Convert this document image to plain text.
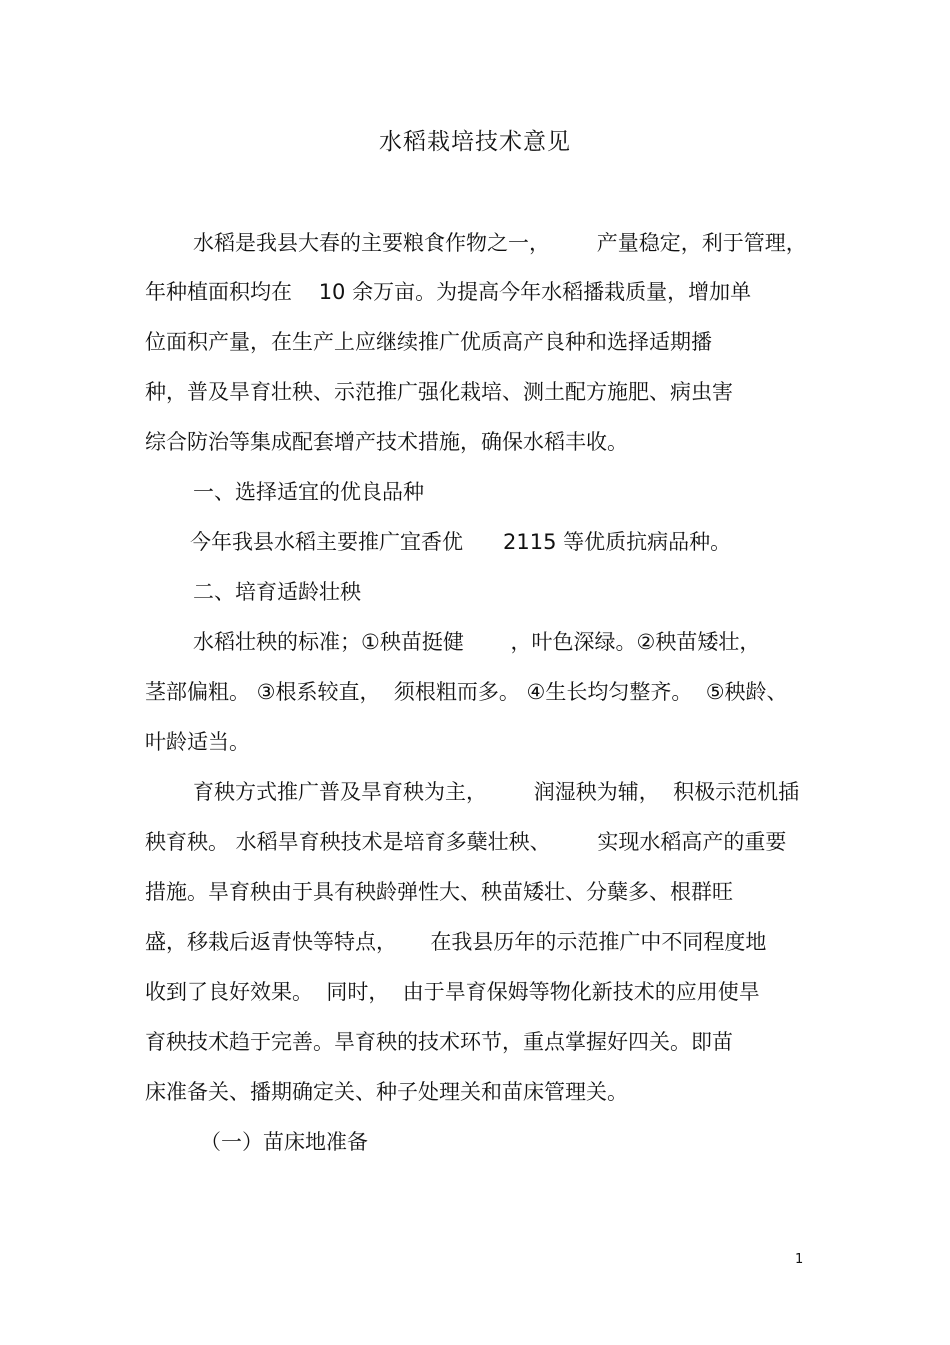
水稻栽培技术意见
水稻是我县大春的主要粮食作物之一，       产量稳定，利于管理，
年种植面积均在    10 余万亩。为提高今年水稻播栽质量，增加单
位面积产量，在生产上应继续推广优质高产良种和选择适期播
种，普及旱育壮秧、示范推广强化栽培、测土配方施肥、病虫害
综合防治等集成配套增产技术措施，确保水稻丰收。
一、选择适宜的优良品种
今年我县水稻主要推广宜香优      2115 等优质抗病品种。
二、培育适龄壮秧
水稻壮秧的标准；①秧苗挺健       ，叶色深绿。②秧苗矮壮，
茎部偏粗。 ③根系较直，  须根粗而多。 ④生长均匀整齐。  ⑤秧龄、
叶龄适当。
育秧方式推广普及旱育秧为主，       润湿秧为辅，  积极示范机插
秧育秧。 水稻旱育秧技术是培育多蘖壮秧、       实现水稻高产的重要
措施。旱育秧由于具有秧龄弹性大、秧苗矮壮、分蘖多、根群旺
盛，移栽后返青快等特点，     在我县历年的示范推广中不同程度地
收到了良好效果。  同时，  由于旱育保姆等物化新技术的应用使旱
育秧技术趋于完善。旱育秧的技术环节，重点掌握好四关。即苗
床准备关、播期确定关、种子处理关和苗床管理关。
（一）苗床地准备
1
